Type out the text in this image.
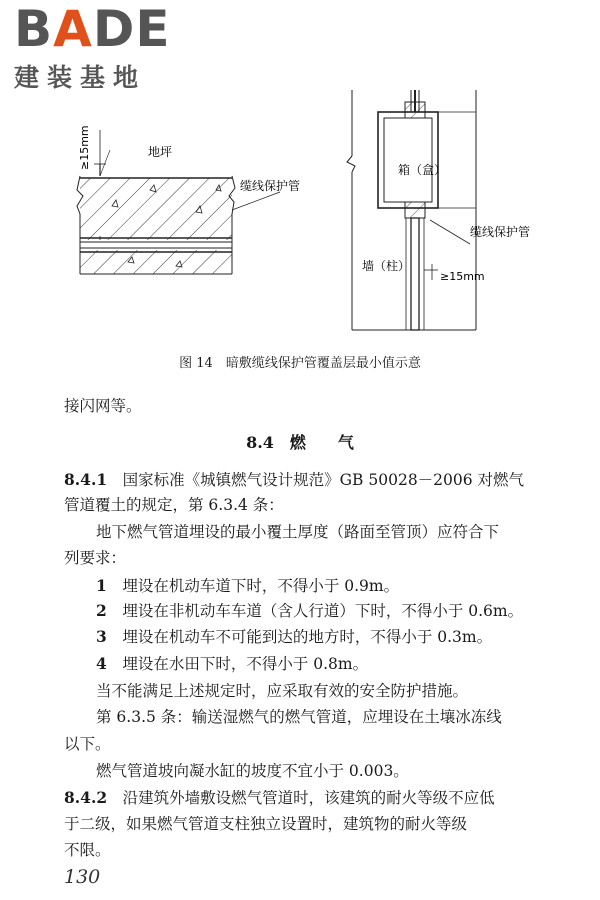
BADE
建装基地
≥15mm	地坪
缆线保护管
箱（盒）
缆线保护管
墙（柱）
≥15mm
图 14　暗敷缆线保护管覆盖层最小值示意
接闪网等。
8.4　燃　　气
8.4.1　 国家标准《城镇燃气设计规范》GB 50028－2006 对燃气
管道覆土的规定，第 6.3.4 条：
地下燃气管道埋设的最小覆土厚度（路面至管顶）应符合下
列要求：
1　 埋设在机动车道下时，不得小于 0.9m。
2　 埋设在非机动车车道（含人行道）下时，不得小于 0.6m。
3　 埋设在机动车不可能到达的地方时，不得小于 0.3m。
4　 埋设在水田下时，不得小于 0.8m。
当不能满足上述规定时，应采取有效的安全防护措施。
第 6.3.5 条：输送湿燃气的燃气管道，应埋设在土壤冰冻线
以下。
燃气管道坡向凝水缸的坡度不宜小于 0.003。
8.4.2　 沿建筑外墙敷设燃气管道时，该建筑的耐火等级不应低
于二级，如果燃气管道支柱独立设置时，建筑物的耐火等级
不限。
130
